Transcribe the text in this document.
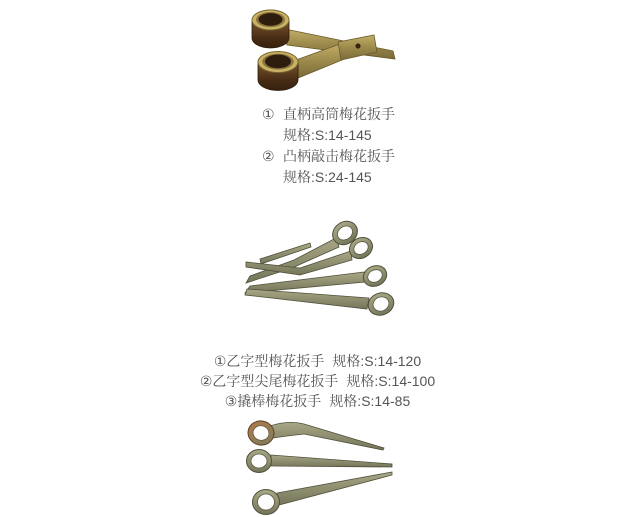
① 直柄高筒梅花扳手
规格:S:14-145
② 凸柄敲击梅花扳手
规格:S:24-145
①乙字型梅花扳手 规格:S:14-120
②乙字型尖尾梅花扳手 规格:S:14-100
③撬棒梅花扳手 规格:S:14-85
